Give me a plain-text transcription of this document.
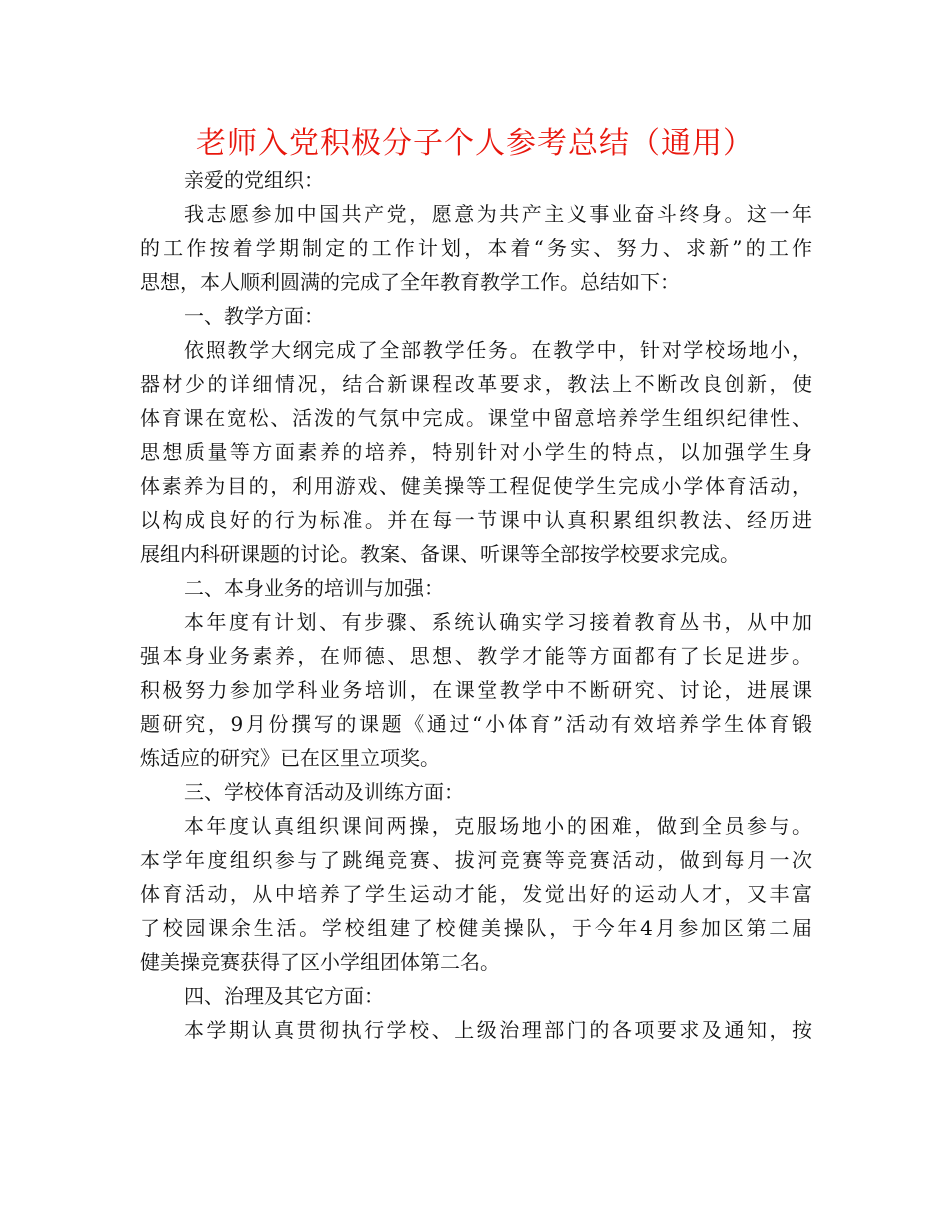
老师入党积极分子个人参考总结（通用）
亲爱的党组织：
我志愿参加中国共产党，愿意为共产主义事业奋斗终身。这一年
的工作按着学期制定的工作计划，本着“务实、努力、求新”的工作
思想，本人顺利圆满的完成了全年教育教学工作。总结如下：
一、教学方面：
依照教学大纲完成了全部教学任务。在教学中，针对学校场地小，
器材少的详细情况，结合新课程改革要求，教法上不断改良创新，使
体育课在宽松、活泼的气氛中完成。课堂中留意培养学生组织纪律性、
思想质量等方面素养的培养，特别针对小学生的特点，以加强学生身
体素养为目的，利用游戏、健美操等工程促使学生完成小学体育活动，
以构成良好的行为标准。并在每一节课中认真积累组织教法、经历进
展组内科研课题的讨论。教案、备课、听课等全部按学校要求完成。
二、本身业务的培训与加强：
本年度有计划、有步骤、系统认确实学习接着教育丛书，从中加
强本身业务素养，在师德、思想、教学才能等方面都有了长足进步。
积极努力参加学科业务培训，在课堂教学中不断研究、讨论，进展课
题研究，9月份撰写的课题《通过“小体育”活动有效培养学生体育锻
炼适应的研究》已在区里立项奖。
三、学校体育活动及训练方面：
本年度认真组织课间两操，克服场地小的困难，做到全员参与。
本学年度组织参与了跳绳竞赛、拔河竞赛等竞赛活动，做到每月一次
体育活动，从中培养了学生运动才能，发觉出好的运动人才，又丰富
了校园课余生活。学校组建了校健美操队，于今年4月参加区第二届
健美操竞赛获得了区小学组团体第二名。
四、治理及其它方面：
本学期认真贯彻执行学校、上级治理部门的各项要求及通知，按
